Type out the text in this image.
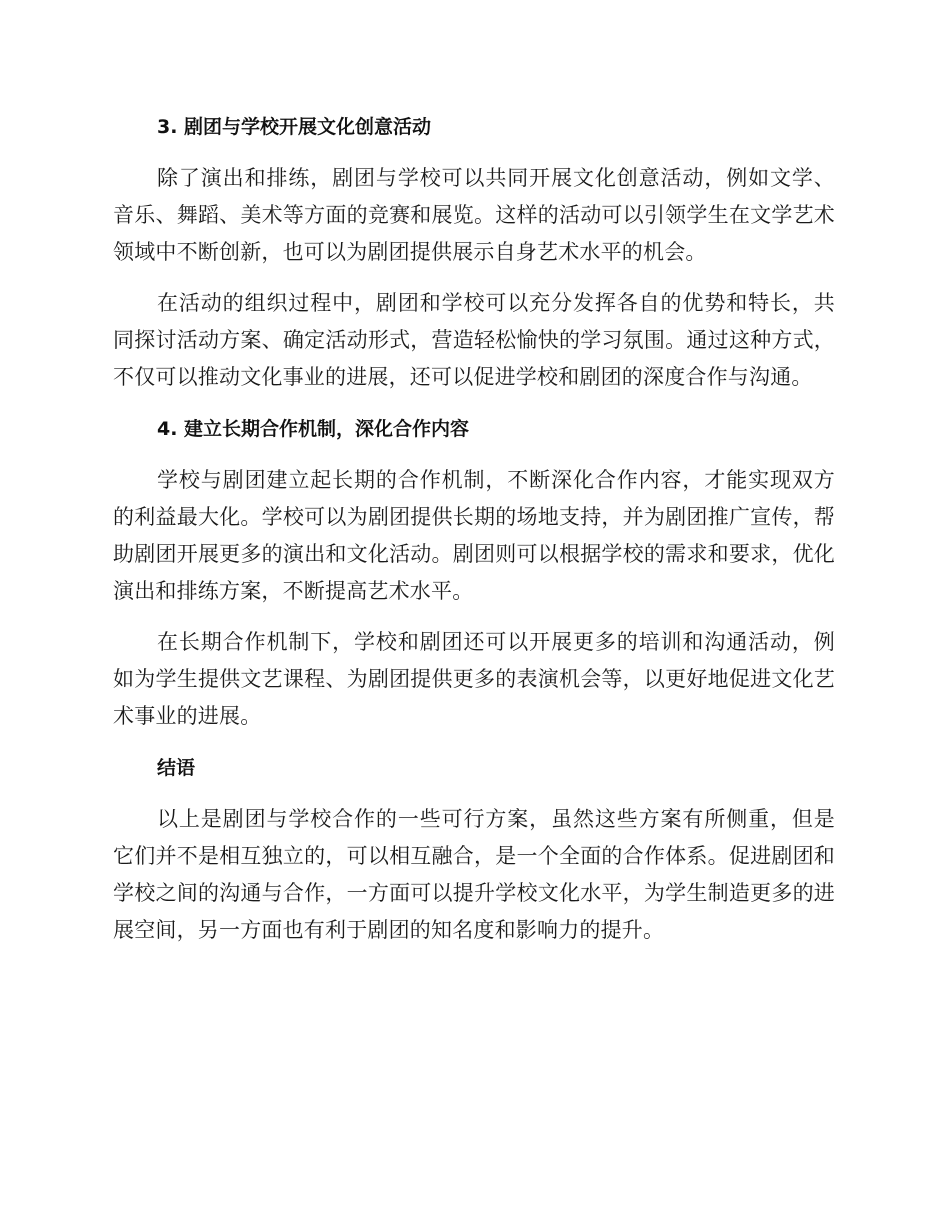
3. 剧团与学校开展文化创意活动

除了演出和排练，剧团与学校可以共同开展文化创意活动，例如文学、音乐、舞蹈、美术等方面的竞赛和展览。这样的活动可以引领学生在文学艺术领域中不断创新，也可以为剧团提供展示自身艺术水平的机会。

在活动的组织过程中，剧团和学校可以充分发挥各自的优势和特长，共同探讨活动方案、确定活动形式，营造轻松愉快的学习氛围。通过这种方式，不仅可以推动文化事业的进展，还可以促进学校和剧团的深度合作与沟通。

4. 建立长期合作机制，深化合作内容

学校与剧团建立起长期的合作机制，不断深化合作内容，才能实现双方的利益最大化。学校可以为剧团提供长期的场地支持，并为剧团推广宣传，帮助剧团开展更多的演出和文化活动。剧团则可以根据学校的需求和要求，优化演出和排练方案，不断提高艺术水平。

在长期合作机制下，学校和剧团还可以开展更多的培训和沟通活动，例如为学生提供文艺课程、为剧团提供更多的表演机会等，以更好地促进文化艺术事业的进展。

结语

以上是剧团与学校合作的一些可行方案，虽然这些方案有所侧重，但是它们并不是相互独立的，可以相互融合，是一个全面的合作体系。促进剧团和学校之间的沟通与合作，一方面可以提升学校文化水平，为学生制造更多的进展空间，另一方面也有利于剧团的知名度和影响力的提升。
